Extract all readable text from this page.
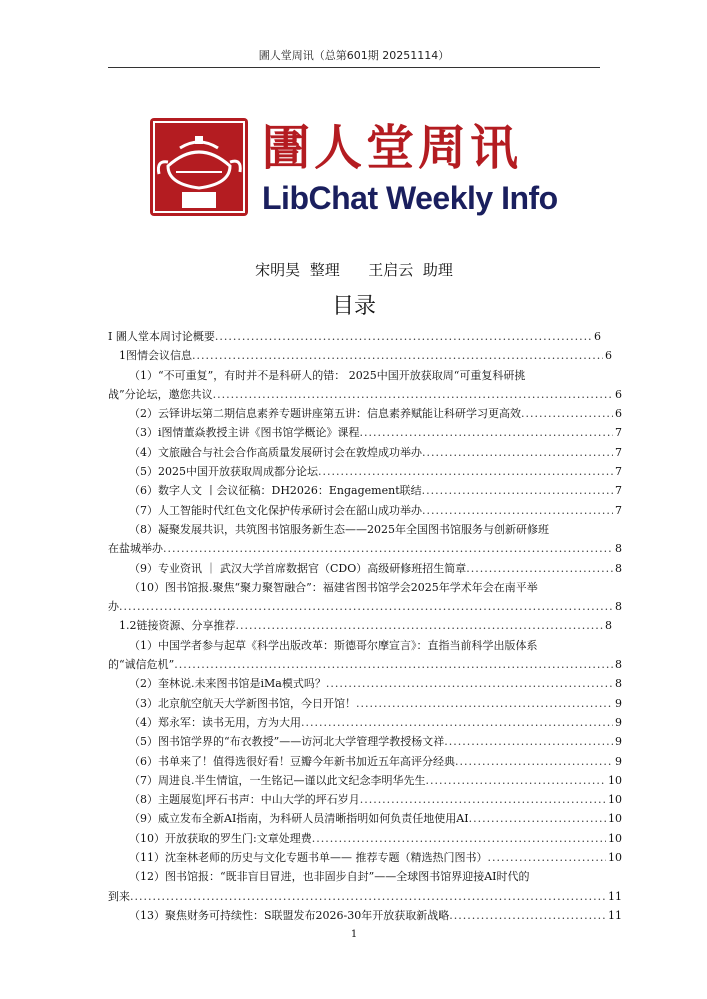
圕人堂周讯（总第601期 20251114）
圕人堂周讯
LibChat Weekly Info
宋明昊  整理      王启云  助理
目录
I 圕人堂本周讨论概要 .....	6
1图情会议信息 .....	6
（1）“不可重复”，有时并不是科研人的错： 2025中国开放获取周“可重复科研挑
战”分论坛，邀您共议 .....	6
（2）云铎讲坛第二期信息素养专题讲座第五讲：信息素养赋能让科研学习更高效 .....	6
（3）i图情董焱教授主讲《图书馆学概论》课程 .....	7
（4）文旅融合与社会合作高质量发展研讨会在敦煌成功举办 .....	7
（5）2025中国开放获取周成都分论坛 .....	7
（6）数字人文 丨会议征稿：DH2026：Engagement联结 .....	7
（7）人工智能时代红色文化保护传承研讨会在韶山成功举办 .....	7
（8）凝聚发展共识，共筑图书馆服务新生态——2025年全国图书馆服务与创新研修班
在盐城举办 .....	8
（9）专业资讯 ｜ 武汉大学首席数据官（CDO）高级研修班招生简章 .....	8
（10）图书馆报.聚焦“聚力聚智融合”：福建省图书馆学会2025年学术年会在南平举
办 .....	8
1.2链接资源、分享推荐 .....	8
（1）中国学者参与起草《科学出版改革：斯德哥尔摩宣言》：直指当前科学出版体系
的“诚信危机” .....	8
（2）奎林说.未来图书馆是iMa模式吗？ .....	8
（3）北京航空航天大学新图书馆，今日开馆！ .....	9
（4）郑永军：读书无用，方为大用 .....	9
（5）图书馆学界的“布衣教授”——访河北大学管理学教授杨文祥 .....	9
（6）书单来了！值得选很好看！豆瓣今年新书加近五年高评分经典 .....	9
（7）周进良.半生情谊，一生铭记—谨以此文纪念李明华先生 .....	10
（8）主题展览|坪石书声：中山大学的坪石岁月 .....	10
（9）威立发布全新AI指南，为科研人员清晰指明如何负责任地使用AI .....	10
（10）开放获取的罗生门:文章处理费 .....	10
（11）沈奎林老师的历史与文化专题书单—— 推荐专题（精选热门图书） .....	10
（12）图书馆报：“既非盲目冒进，也非固步自封”——全球图书馆界迎接AI时代的
到来 .....	11
（13）聚焦财务可持续性：S联盟发布2026-30年开放获取新战略 .....	11
1
